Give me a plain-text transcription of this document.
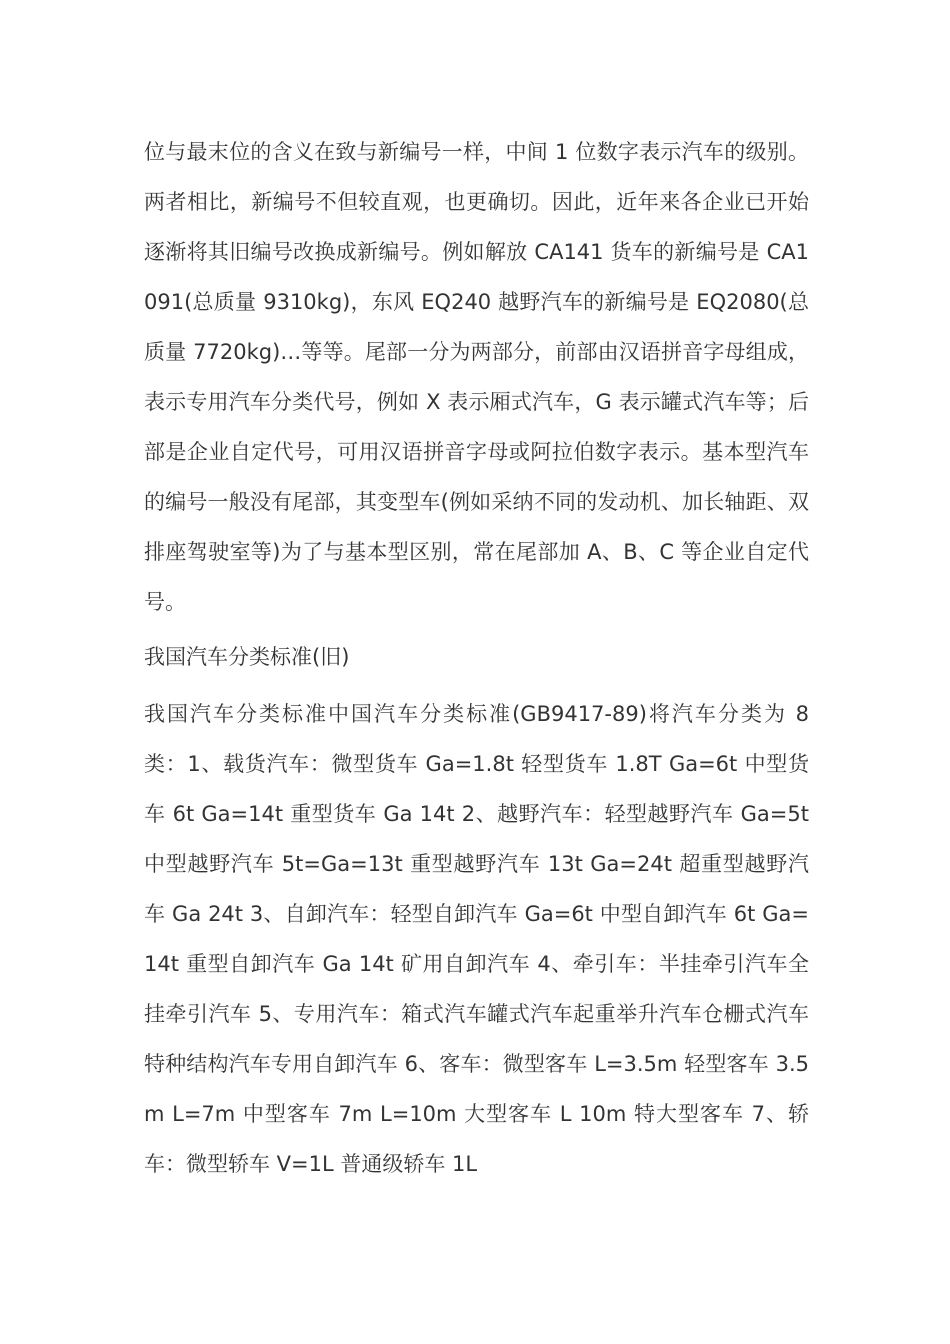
位与最末位的含义在致与新编号一样，中间 1 位数字表示汽车的级别。两者相比，新编号不但较直观，也更确切。因此，近年来各企业已开始逐渐将其旧编号改换成新编号。例如解放 CA141 货车的新编号是 CA1091(总质量 9310kg)，东风 EQ240 越野汽车的新编号是 EQ2080(总质量 7720kg)…等等。尾部一分为两部分，前部由汉语拼音字母组成，表示专用汽车分类代号，例如 X 表示厢式汽车，G 表示罐式汽车等；后部是企业自定代号，可用汉语拼音字母或阿拉伯数字表示。基本型汽车的编号一般没有尾部，其变型车(例如采纳不同的发动机、加长轴距、双排座驾驶室等)为了与基本型区别，常在尾部加 A、B、C 等企业自定代号。

我国汽车分类标准(旧)

我国汽车分类标准中国汽车分类标准(GB9417-89)将汽车分类为 8 类：1、载货汽车：微型货车 Ga=1.8t 轻型货车 1.8T Ga=6t 中型货车 6t Ga=14t 重型货车 Ga 14t 2、越野汽车：轻型越野汽车 Ga=5t 中型越野汽车 5t=Ga=13t 重型越野汽车 13t Ga=24t 超重型越野汽车 Ga 24t 3、自卸汽车：轻型自卸汽车 Ga=6t 中型自卸汽车 6t Ga=14t 重型自卸汽车 Ga 14t 矿用自卸汽车 4、牵引车：半挂牵引汽车全挂牵引汽车 5、专用汽车：箱式汽车罐式汽车起重举升汽车仓栅式汽车特种结构汽车专用自卸汽车 6、客车：微型客车 L=3.5m 轻型客车 3.5m L=7m 中型客车 7m L=10m 大型客车 L 10m 特大型客车 7、轿车：微型轿车 V=1L 普通级轿车 1L
